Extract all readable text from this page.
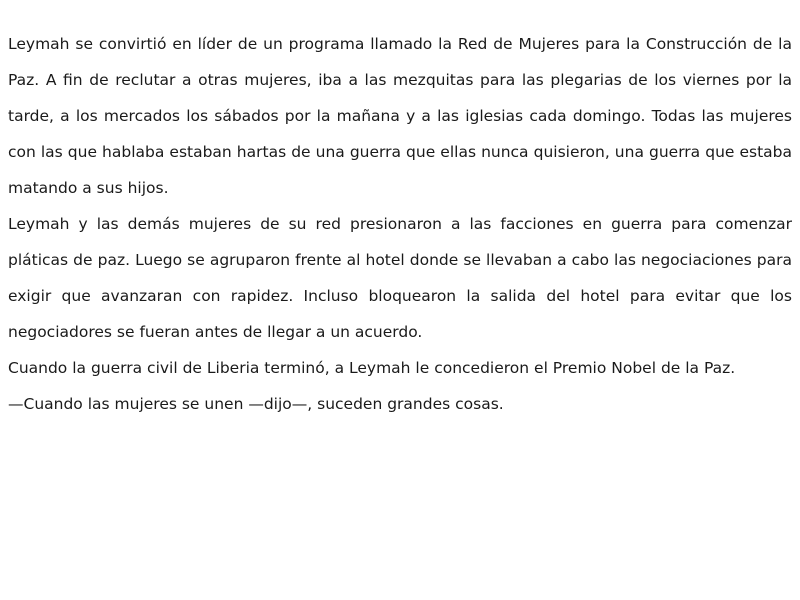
Leymah se convirtió en líder de un programa llamado la Red de Mujeres para la Construcción de la Paz. A fin de reclutar a otras mujeres, iba a las mezquitas para las plegarias de los viernes por la tarde, a los mercados los sábados por la mañana y a las iglesias cada domingo. Todas las mujeres con las que hablaba estaban hartas de una guerra que ellas nunca quisieron, una guerra que estaba matando a sus hijos.

Leymah y las demás mujeres de su red presionaron a las facciones en guerra para comenzar pláticas de paz. Luego se agruparon frente al hotel donde se llevaban a cabo las negociaciones para exigir que avanzaran con rapidez. Incluso bloquearon la salida del hotel para evitar que los negociadores se fueran antes de llegar a un acuerdo.

Cuando la guerra civil de Liberia terminó, a Leymah le concedieron el Premio Nobel de la Paz.

—Cuando las mujeres se unen —dijo—, suceden grandes cosas.
